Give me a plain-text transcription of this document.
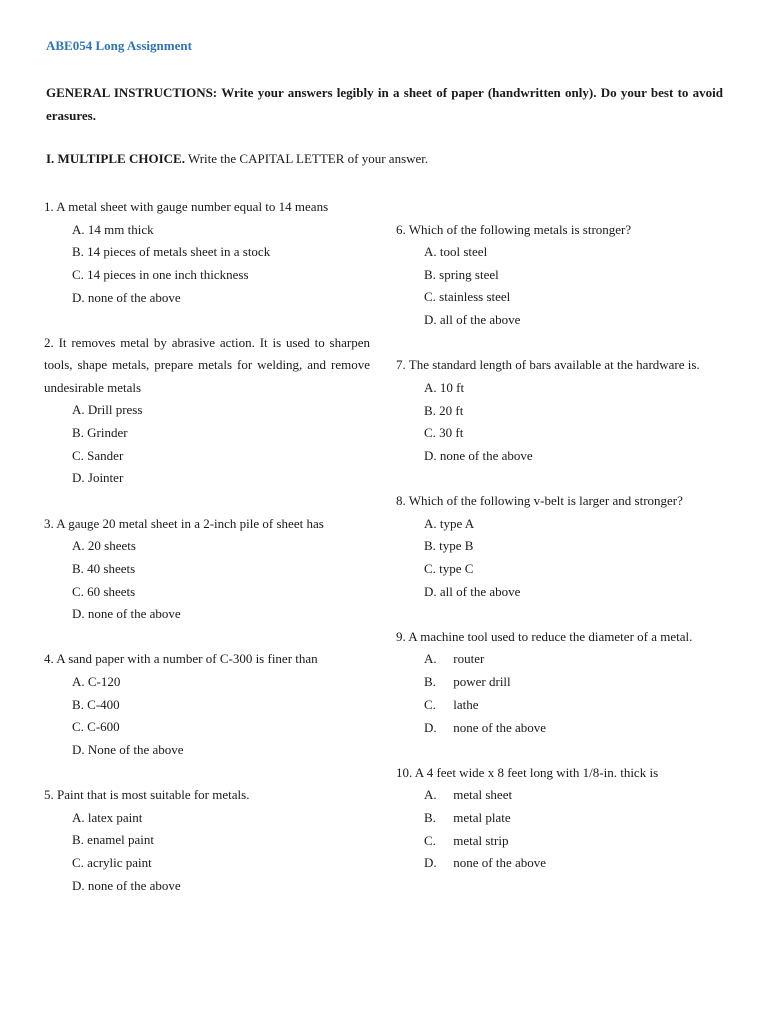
ABE054 Long Assignment
GENERAL INSTRUCTIONS: Write your answers legibly in a sheet of paper (handwritten only). Do your best to avoid erasures.
I. MULTIPLE CHOICE. Write the CAPITAL LETTER of your answer.

1. A metal sheet with gauge number equal to 14 means

A. 14 mm thick
B. 14 pieces of metals sheet in a stock
C. 14 pieces in one inch thickness
D. none of the above

2. It removes metal by abrasive action. It is used to sharpen tools, shape metals, prepare metals for welding, and remove undesirable metals

A. Drill press
B. Grinder
C. Sander
D. Jointer

3. A gauge 20 metal sheet in a 2-inch pile of sheet has

A. 20 sheets
B. 40 sheets
C. 60 sheets
D. none of the above

4. A sand paper with a number of C-300 is finer than

A. C-120
B. C-400
C. C-600
D. None of the above

5. Paint that is most suitable for metals.

A. latex paint
B. enamel paint
C. acrylic paint
D. none of the above

6. Which of the following metals is stronger?

A. tool steel
B. spring steel
C. stainless steel
D. all of the above

7. The standard length of bars available at the hardware is.

A. 10 ft
B. 20 ft
C. 30 ft
D. none of the above

8. Which of the following v-belt is larger and stronger?

A. type A
B. type B
C. type C
D. all of the above

9. A machine tool used to reduce the diameter of a metal.

A. router
B. power drill
C. lathe
D. none of the above

10. A 4 feet wide x 8 feet long with 1/8-in. thick is

A. metal sheet
B. metal plate
C. metal strip
D. none of the above
